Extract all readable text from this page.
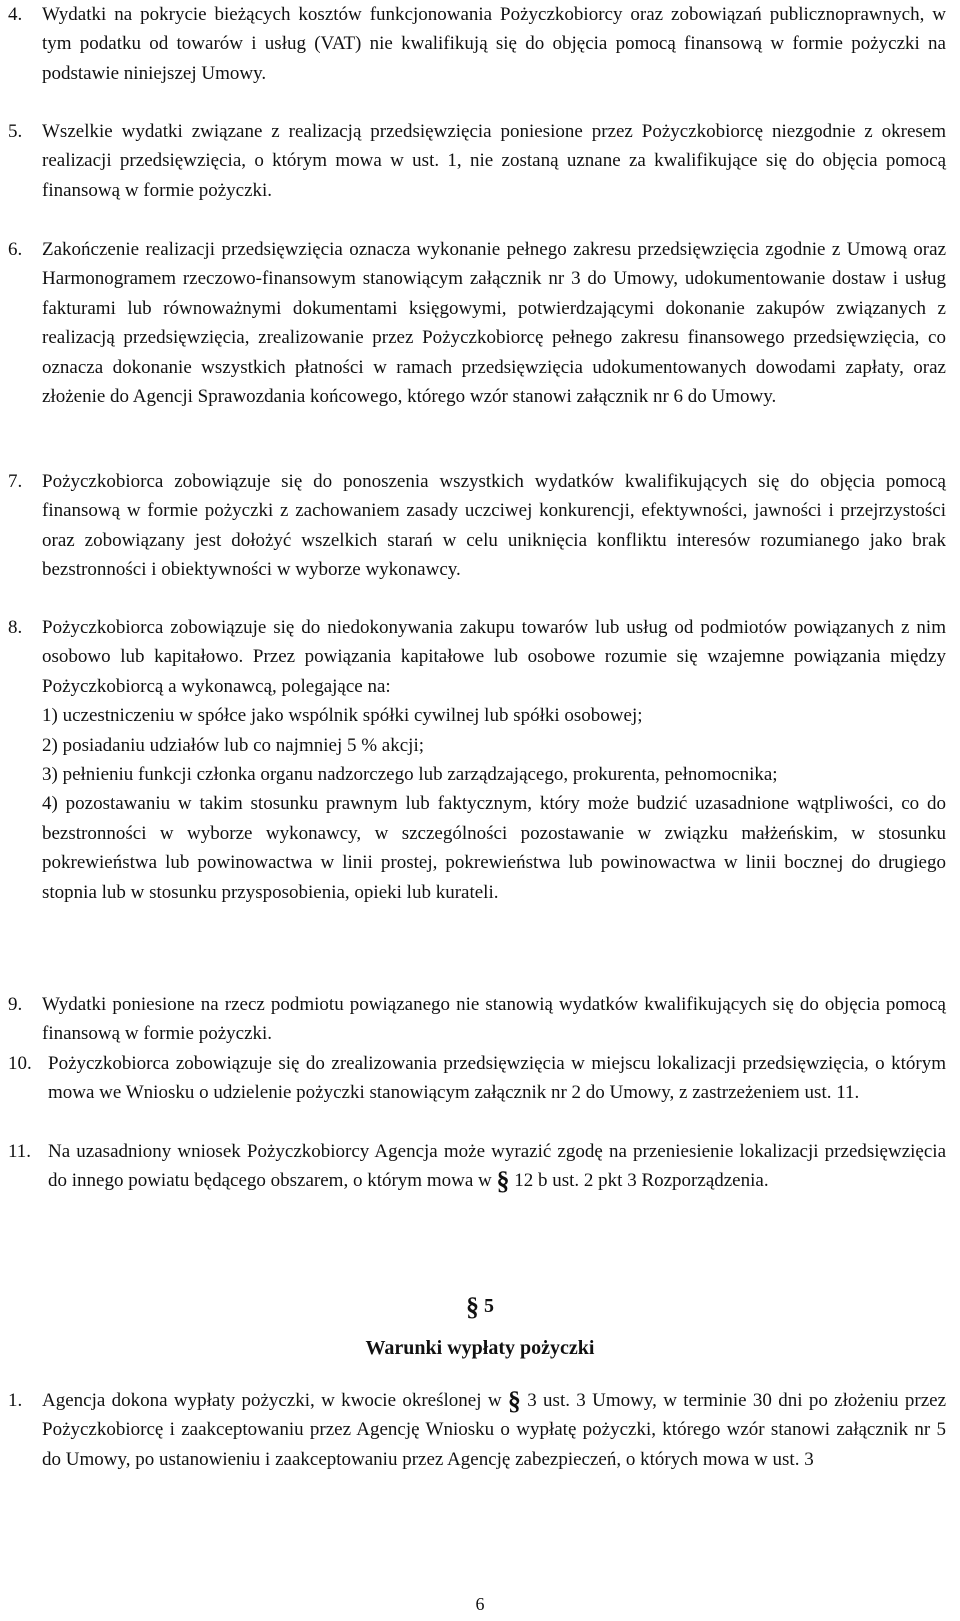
4. Wydatki na pokrycie bieżących kosztów funkcjonowania Pożyczkobiorcy oraz zobowiązań publicznoprawnych, w tym podatku od towarów i usług (VAT) nie kwalifikują się do objęcia pomocą finansową w formie pożyczki na podstawie niniejszej Umowy.
5. Wszelkie wydatki związane z realizacją przedsięwzięcia poniesione przez Pożyczkobiorcę niezgodnie z okresem realizacji przedsięwzięcia, o którym mowa w ust. 1, nie zostaną uznane za kwalifikujące się do objęcia pomocą finansową w formie pożyczki.
6. Zakończenie realizacji przedsięwzięcia oznacza wykonanie pełnego zakresu przedsięwzięcia zgodnie z Umową oraz Harmonogramem rzeczowo-finansowym stanowiącym załącznik nr 3 do Umowy, udokumentowanie dostaw i usług fakturami lub równoważnymi dokumentami księgowymi, potwierdzającymi dokonanie zakupów związanych z realizacją przedsięwzięcia, zrealizowanie przez Pożyczkobiorcę pełnego zakresu finansowego przedsięwzięcia, co oznacza dokonanie wszystkich płatności w ramach przedsięwzięcia udokumentowanych dowodami zapłaty, oraz złożenie do Agencji Sprawozdania końcowego, którego wzór stanowi załącznik nr 6 do Umowy.
7. Pożyczkobiorca zobowiązuje się do ponoszenia wszystkich wydatków kwalifikujących się do objęcia pomocą finansową w formie pożyczki z zachowaniem zasady uczciwej konkurencji, efektywności, jawności i przejrzystości oraz zobowiązany jest dołożyć wszelkich starań w celu uniknięcia konfliktu interesów rozumianego jako brak bezstronności i obiektywności w wyborze wykonawcy.
8. Pożyczkobiorca zobowiązuje się do niedokonywania zakupu towarów lub usług od podmiotów powiązanych z nim osobowo lub kapitałowo. Przez powiązania kapitałowe lub osobowe rozumie się wzajemne powiązania między Pożyczkobiorcą a wykonawcą, polegające na:
1) uczestniczeniu w spółce jako wspólnik spółki cywilnej lub spółki osobowej;
2) posiadaniu udziałów lub co najmniej 5 % akcji;
3) pełnieniu funkcji członka organu nadzorczego lub zarządzającego, prokurenta, pełnomocnika;
4) pozostawaniu w takim stosunku prawnym lub faktycznym, który może budzić uzasadnione wątpliwości, co do bezstronności w wyborze wykonawcy, w szczególności pozostawanie w związku małżeńskim, w stosunku pokrewieństwa lub powinowactwa w linii prostej, pokrewieństwa lub powinowactwa w linii bocznej do drugiego stopnia lub w stosunku przysposobienia, opieki lub kurateli.
9. Wydatki poniesione na rzecz podmiotu powiązanego nie stanowią wydatków kwalifikujących się do objęcia pomocą finansową w formie pożyczki.
10. Pożyczkobiorca zobowiązuje się do zrealizowania przedsięwzięcia w miejscu lokalizacji przedsięwzięcia, o którym mowa we Wniosku o udzielenie pożyczki stanowiącym załącznik nr 2 do Umowy, z zastrzeżeniem ust. 11.
11. Na uzasadniony wniosek Pożyczkobiorcy Agencja może wyrazić zgodę na przeniesienie lokalizacji przedsięwzięcia do innego powiatu będącego obszarem, o którym mowa w § 12 b ust. 2 pkt 3 Rozporządzenia.
§ 5
Warunki wypłaty pożyczki
1. Agencja dokona wypłaty pożyczki, w kwocie określonej w § 3 ust. 3 Umowy, w terminie 30 dni po złożeniu przez Pożyczkobiorcę i zaakceptowaniu przez Agencję Wniosku o wypłatę pożyczki, którego wzór stanowi załącznik nr 5 do Umowy, po ustanowieniu i zaakceptowaniu przez Agencję zabezpieczeń, o których mowa w ust. 3
6
